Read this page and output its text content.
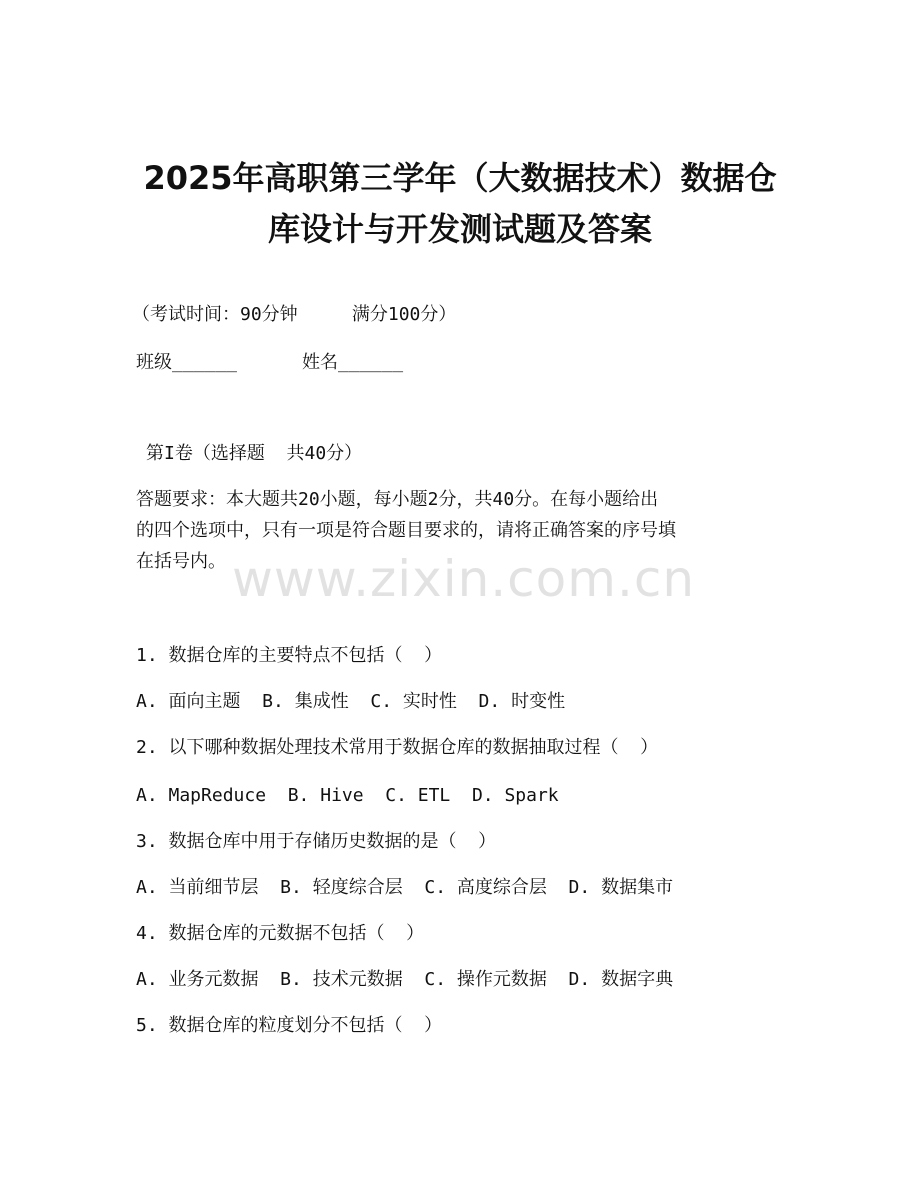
2025年高职第三学年（大数据技术）数据仓
库设计与开发测试题及答案
（考试时间：90分钟     满分100分）
班级______      姓名______
第I卷（选择题  共40分）
答题要求：本大题共20小题，每小题2分，共40分。在每小题给出
的四个选项中，只有一项是符合题目要求的，请将正确答案的序号填
在括号内。 www.zixin.com.cn
1. 数据仓库的主要特点不包括（  ）
A. 面向主题  B. 集成性  C. 实时性  D. 时变性
2. 以下哪种数据处理技术常用于数据仓库的数据抽取过程（  ）
A. MapReduce  B. Hive  C. ETL  D. Spark
3. 数据仓库中用于存储历史数据的是（  ）
A. 当前细节层  B. 轻度综合层  C. 高度综合层  D. 数据集市
4. 数据仓库的元数据不包括（  ）
A. 业务元数据  B. 技术元数据  C. 操作元数据  D. 数据字典
5. 数据仓库的粒度划分不包括（  ）
